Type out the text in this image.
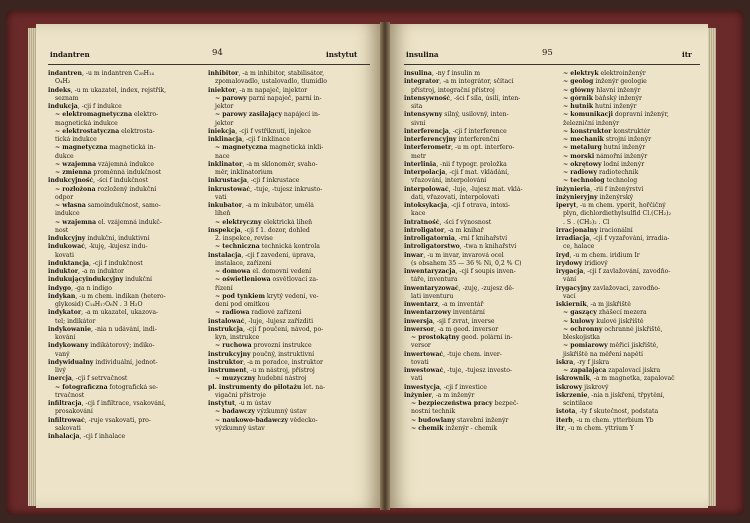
indantren	94	instytut
indantren, -u m indantren C₂₈H₁₄
O₄H₂
indeks, -u m ukazatel, index, rejstřík,
seznam
indukcja, -cji f indukce
~ elektromagnetyczna elektro-
magnetická indukce
~ elektrostatyczna elektrosta-
tická indukce
~ magnetyczna magnetická in-
dukce
~ wzajemna vzájemná indukce
~ zmienna proměnná indukčnost
indukcyjność, -ści f indukčnost
~ rozłożona rozložený indukční
odpor
~ własna samoindukčnost, samo-
indukce
~ wzajemna el. vzájemná indukč-
nost
indukcyjny indukční, induktivní
indukować, -kuję, -kujesz indu-
kovati
induktancja, -cji f indukčnost
induktor, -a m induktor
indukującyindukcyjny indukční
indygo, -ga n indigo
indykan, -u m chem. indikan (hetero-
glykosid) C₁₄H₁₇O₆N . 3 H₂O
indykator, -a m ukazatel, ukazova-
tel; indikátor
indykowanie, -nia n udávání, indi-
kování
indykowany indikátorový; indiko-
vaný
indywidualny individuální, jednot-
livý
inercja, -cji f setrvačnost
~ fotograficzna fotografická se-
trvačnost
infiltracja, -cji f infiltrace, vsakování,
prosakování
infiltrować, -ruje vsakovati, pro-
sakovati
inhalacja, -cji f inhalace
inhibitor, -a m inhibitor, stabilisátor,
zpomalovadlo, ustalovadlo, tlumidlo
iniektor, -a m napaječ, injektor
~ parowy parní napaječ, parní in-
jektor
~ parowy zasilający napájecí in-
jektor
iniekcja, -cji f vstřiknutí, injekce
inklinacja, -cji f inklinace
~ magnetyczna magnetická inkli-
nace
inklinator, -a m sklonoměr, svaho-
měr, inklinatorium
inkrustacja, -cji f inkrustace
inkrustować, -tuje, -tujesz inkrusto-
vati
inkubator, -a m inkubátor, umělá
líheň
~ elektryczny elektrická líheň
inspekcja, -cji f 1. dozor, dohled
2. inspekce, revise
~ techniczna technická kontrola
instalacja, -cji f zavedení, úprava,
instalace, zařízení
~ domowa el. domovní vedení
~ oświetleniowa osvětlovací za-
řízení
~ pod tynkiem krytý vedení, ve-
dení pod omítkou
~ radiowa radiové zařízení
instalować, -luje, -lujesz zařízditi
instrukcja, -cji f poučení, návod, po-
kyn, instrukce
~ ruchowa provozní instrukce
instrukcyjny poučný, instruktivní
instruktor, -a m poradce, instruktor
instrument, -u m nástroj, přístroj
~ muzyczny hudební nástroj
pl. instrumenty do pilotażu let. na-
vigační přístroje
instytut, -u m ústav
~ badawczy výzkumný ústav
~ naukowo-badawczy vědecko-
výzkumný ústav
insulina	95	itr
insulina, -ny f insulin m
integrator, -a m integrátor, sčítací
přístroj, integrační přístroj
intensywność, -ści f síla, úsilí, inten-
sita
intensywny silný, usilovný, inten-
sivní
interferencja, -cji f interference
interferencyjny interferenční
interferometr, -u m opt. interfero-
metr
interlinia, -nii f typogr. proložka
interpolacja, -cji f mat. vkládání,
vřazování, interpolování
interpolować, -luje, -lujesz mat. vklá-
dati, vřazovati, interpolovati
intoksykacja, -cji f otrava, intoxi-
kace
intratność, -ści f výnosnost
introligator, -a m knihař
introligatornia, -rni f knihařství
introligatorstwo, -twa n knihařství
inwar, -u m invar, invarová ocel
(s obsahem 35 — 36 % Ni, 0,2 % C)
inwentaryzacja, -cji f soupis inven-
táře, inventura
inwentaryzować, -zuję, -zujesz dě-
lati inventuru
inwentarz, -a m inventář
inwentarzowy inventární
inwersja, -sji f zvrat, inverse
inwersor, -a m geod. inversor
~ prostokątny geod. polární in-
versor
inwertować, -tuje chem. inver-
tovati
inwestować, -tuje, -tujesz investo-
vati
inwestycja, -cji f investice
inżynier, -a m inženýr
~ bezpieczeństwa pracy bezpeč-
nostní technik
~ budowlany stavební inženýr
~ chemik inženýr - chemik
~ elektryk elektroinženýr
~ geolog inženýr geologie
~ główny hlavní inženýr
~ górnik báňský inženýr
~ hutnik hutní inženýr
~ komunikacji dopravní inženýr,
železniční inženýr
~ konstruktor konstruktér
~ mechanik strojní inženýr
~ metalurg hutní inženýr
~ morski námořní inženýr
~ okrętowy lodní inženýr
~ radiowy radiotechnik
~ technolog technolog
inżynieria, -rii f inženýrství
inżynieryjny inženýrský
iperyt, -u m chem. yperit, hořčičný
plyn, dichlordiethylsulfid Cl.(CH₂)₂
. S . (CH₂)₂ . Cl
irracjonalny iracionální
irradiacja, -cji f vyzařování, irradia-
ce, halace
iryd, -u m chem. iridium Ir
irydowy iridiový
irygacja, -cji f zavlažování, zavodňo-
vání
irygacyjny zavlažovací, zavodňo-
vací
iskiernik, -a m jiskřiště
~ gaszący zhášecí mezera
~ kulowy kulové jiskřiště
~ ochronny ochranné jiskřiště,
bleskojistka
~ pomiarowy měřicí jiskřiště,
jiskřiště na měření napětí
iskra, -ry f jiskra
~ zapalająca zapalovací jiskra
iskrownik, -a m magnetka, zapalovač
iskrowy jiskrový
iskrzenie, -nia n jiskření, třpytění,
scintilace
istota, -ty f skutečnost, podstata
iterb, -u m chem. ytterbium Yb
itr, -u m chem. yttrium Y
